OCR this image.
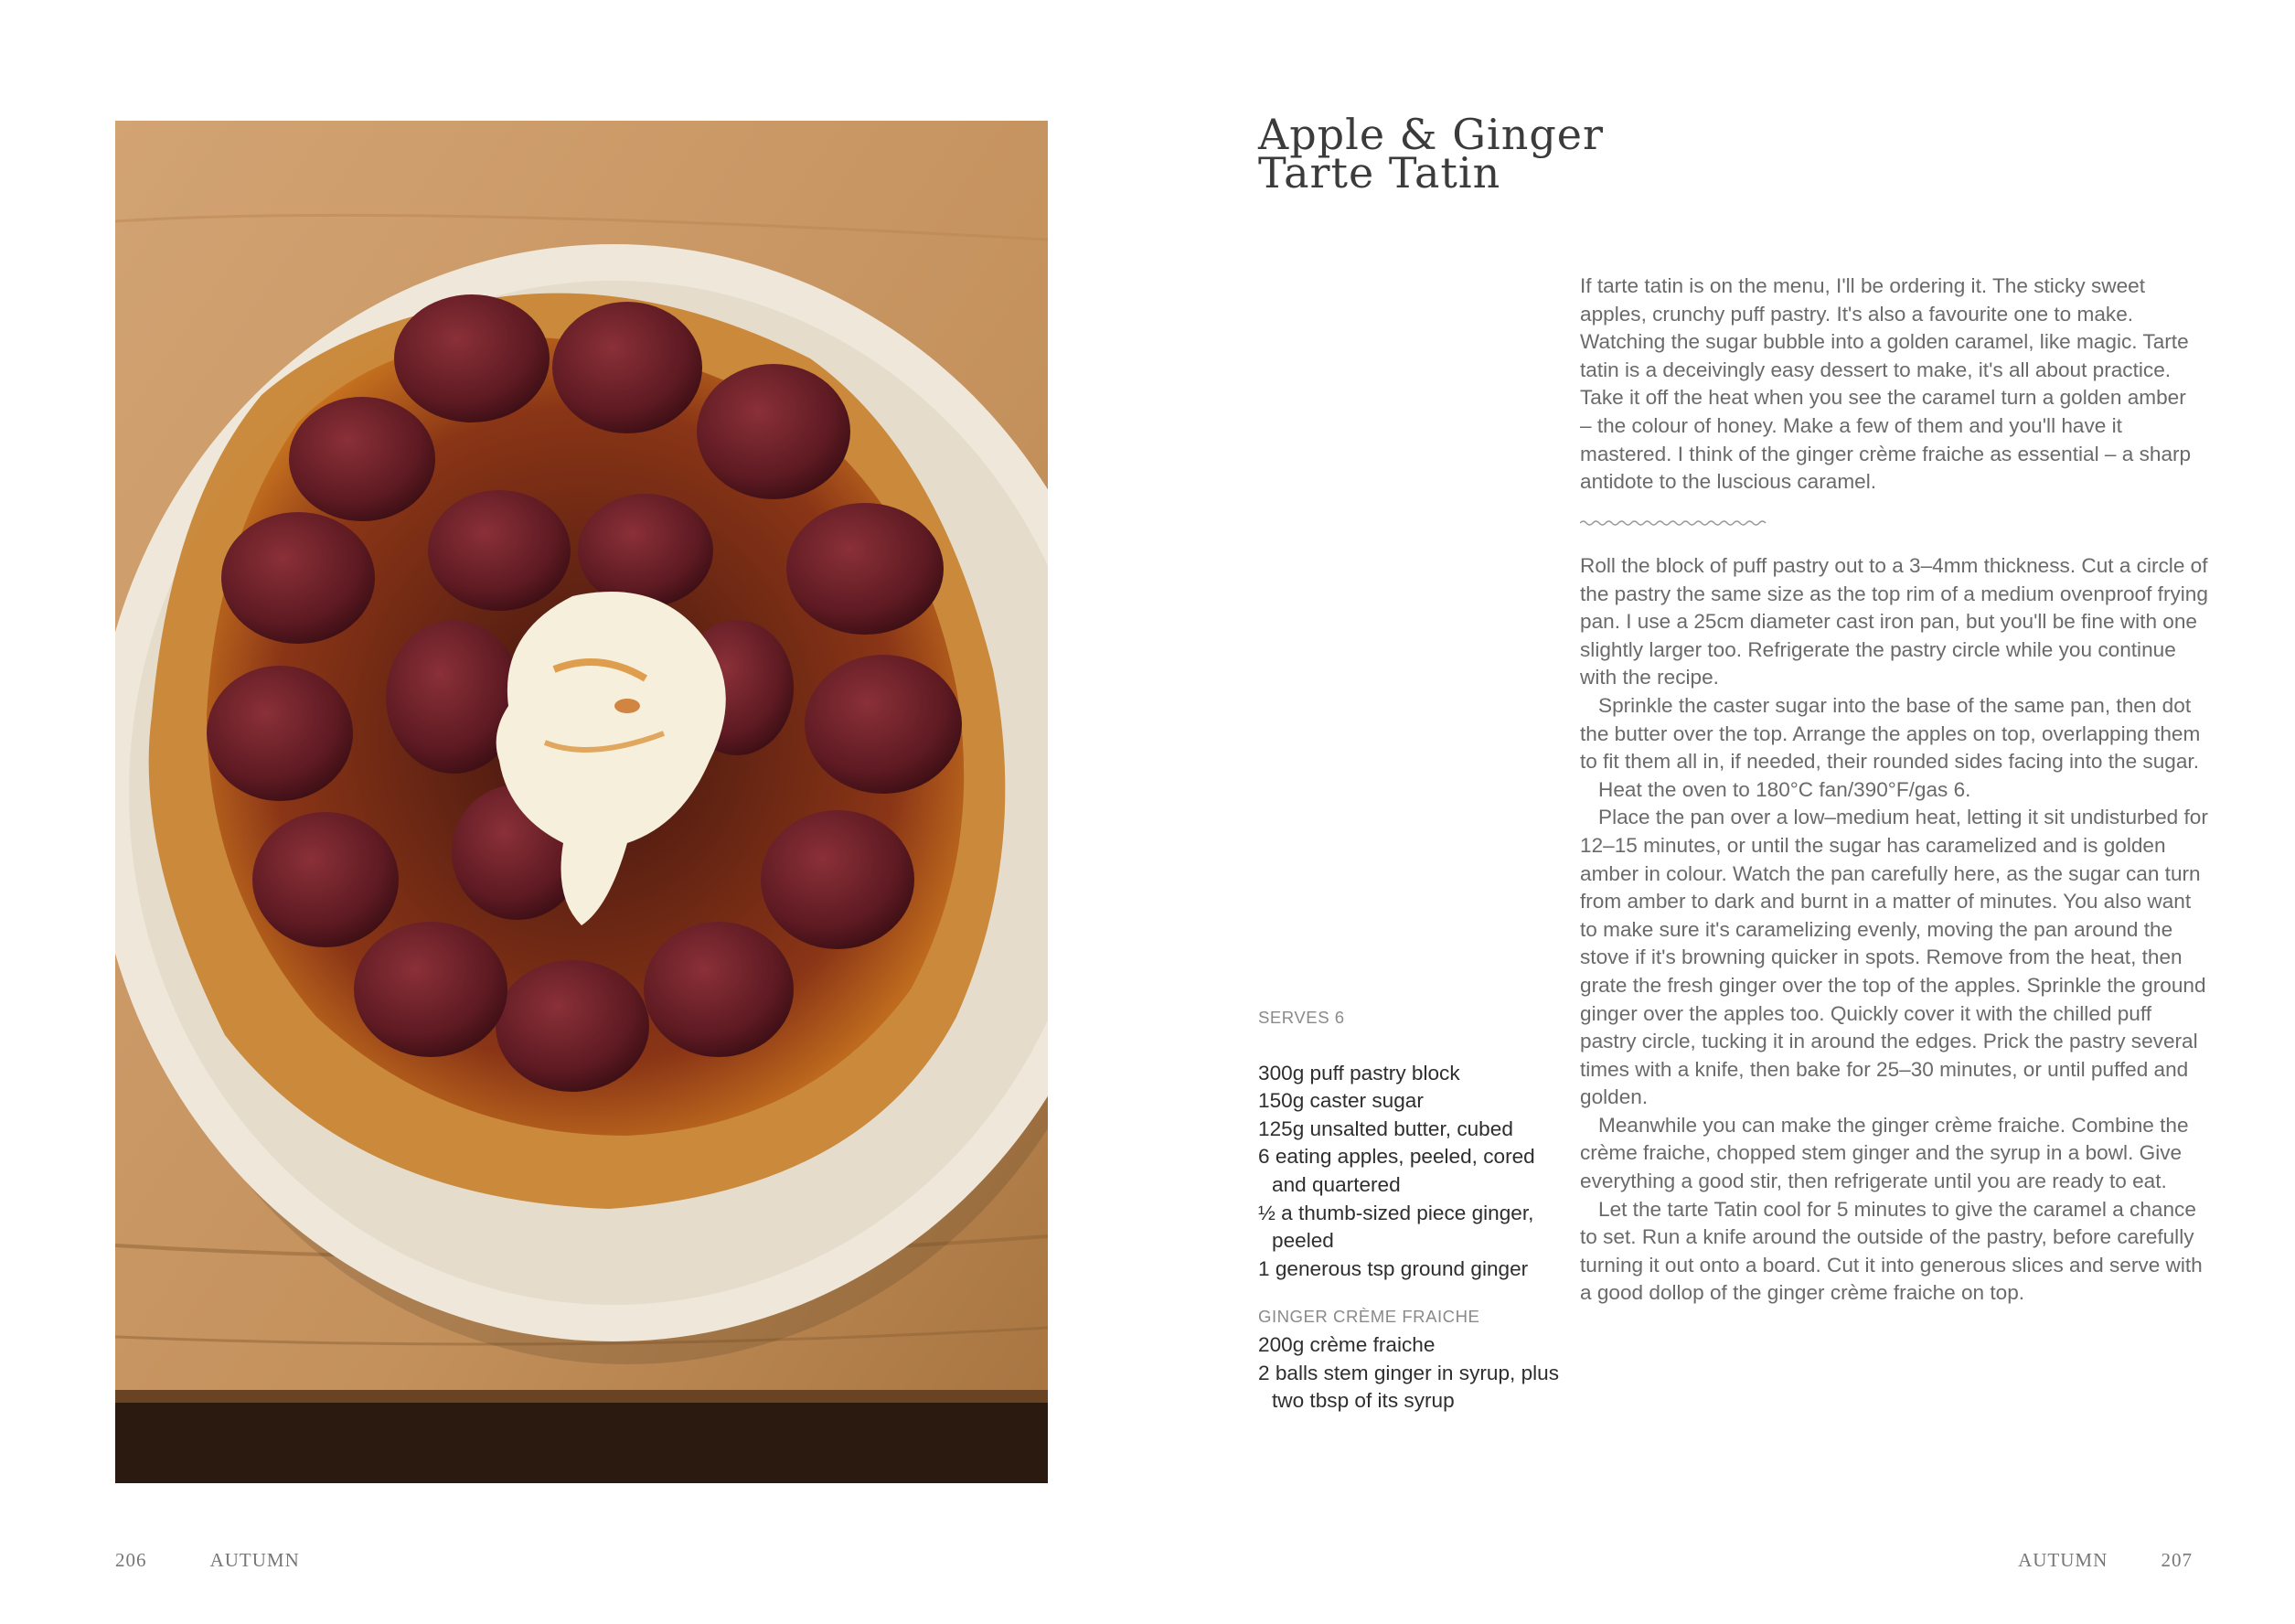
Apple & Ginger
Tarte Tatin

If tarte tatin is on the menu, I'll be ordering it. The sticky sweet apples, crunchy puff pastry. It's also a favourite one to make. Watching the sugar bubble into a golden caramel, like magic. Tarte tatin is a deceivingly easy dessert to make, it's all about practice. Take it off the heat when you see the caramel turn a golden amber – the colour of honey. Make a few of them and you'll have it mastered. I think of the ginger crème fraiche as essential – a sharp antidote to the luscious caramel.

Roll the block of puff pastry out to a 3–4mm thickness. Cut a circle of the pastry the same size as the top rim of a medium ovenproof frying pan. I use a 25cm diameter cast iron pan, but you'll be fine with one slightly larger too. Refrigerate the pastry circle while you continue with the recipe.

Sprinkle the caster sugar into the base of the same pan, then dot the butter over the top. Arrange the apples on top, overlapping them to fit them all in, if needed, their rounded sides facing into the sugar.

Heat the oven to 180°C fan/390°F/gas 6.

Place the pan over a low–medium heat, letting it sit undisturbed for 12–15 minutes, or until the sugar has caramelized and is golden amber in colour. Watch the pan carefully here, as the sugar can turn from amber to dark and burnt in a matter of minutes. You also want to make sure it's caramelizing evenly, moving the pan around the stove if it's browning quicker in spots. Remove from the heat, then grate the fresh ginger over the top of the apples. Sprinkle the ground ginger over the apples too. Quickly cover it with the chilled puff pastry circle, tucking it in around the edges. Prick the pastry several times with a knife, then bake for 25–30 minutes, or until puffed and golden.

Meanwhile you can make the ginger crème fraiche. Combine the crème fraiche, chopped stem ginger and the syrup in a bowl. Give everything a good stir, then refrigerate until you are ready to eat.

Let the tarte Tatin cool for 5 minutes to give the caramel a chance to set. Run a knife around the outside of the pastry, before carefully turning it out onto a board. Cut it into generous slices and serve with a good dollop of the ginger crème fraiche on top.

SERVES 6

300g puff pastry block
150g caster sugar
125g unsalted butter, cubed
6 eating apples, peeled, cored and quartered
½ a thumb-sized piece ginger, peeled
1 generous tsp ground ginger

GINGER CRÈME FRAICHE

200g crème fraiche
2 balls stem ginger in syrup, plus two tbsp of its syrup
206	AUTUMN	AUTUMN	207
